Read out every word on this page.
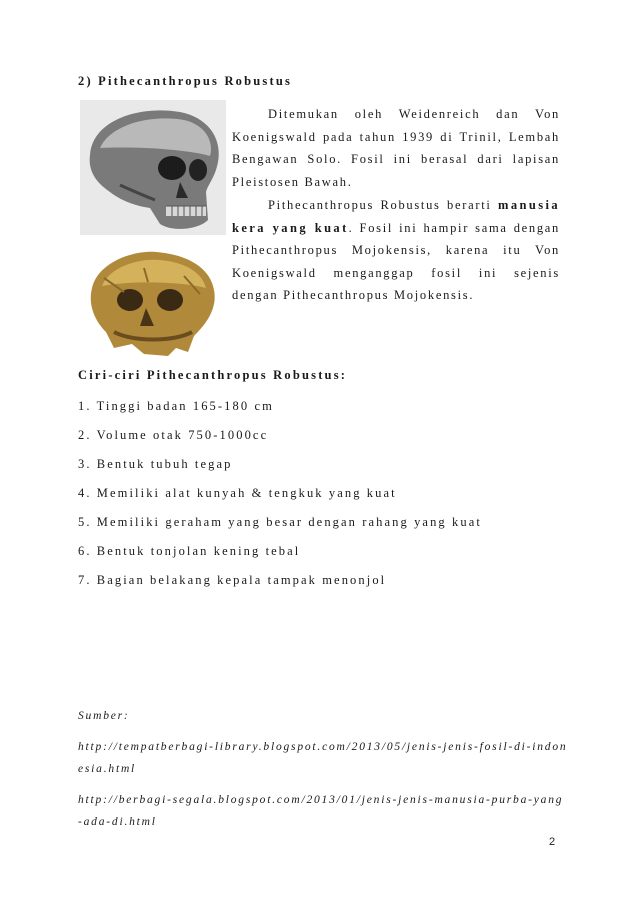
2) Pithecanthropus Robustus

Ditemukan oleh Weidenreich dan Von Koenigswald pada tahun 1939 di Trinil, Lembah Bengawan Solo. Fosil ini berasal dari lapisan Pleistosen Bawah.

Pithecanthropus Robustus berarti manusia kera yang kuat. Fosil ini hampir sama dengan Pithecanthropus Mojokensis, karena itu Von Koenigswald menganggap fosil ini sejenis dengan Pithecanthropus Mojokensis.

Ciri-ciri Pithecanthropus Robustus:
1. Tinggi badan 165-180 cm
2. Volume otak 750-1000cc
3. Bentuk tubuh tegap
4. Memiliki alat kunyah & tengkuk yang kuat
5. Memiliki geraham yang besar dengan rahang yang kuat
6. Bentuk tonjolan kening tebal
7. Bagian belakang kepala tampak menonjol
Sumber:
http://tempatberbagi-library.blogspot.com/2013/05/jenis-jenis-fosil-di-indonesia.html
http://berbagi-segala.blogspot.com/2013/01/jenis-jenis-manusia-purba-yang-ada-di.html
2
